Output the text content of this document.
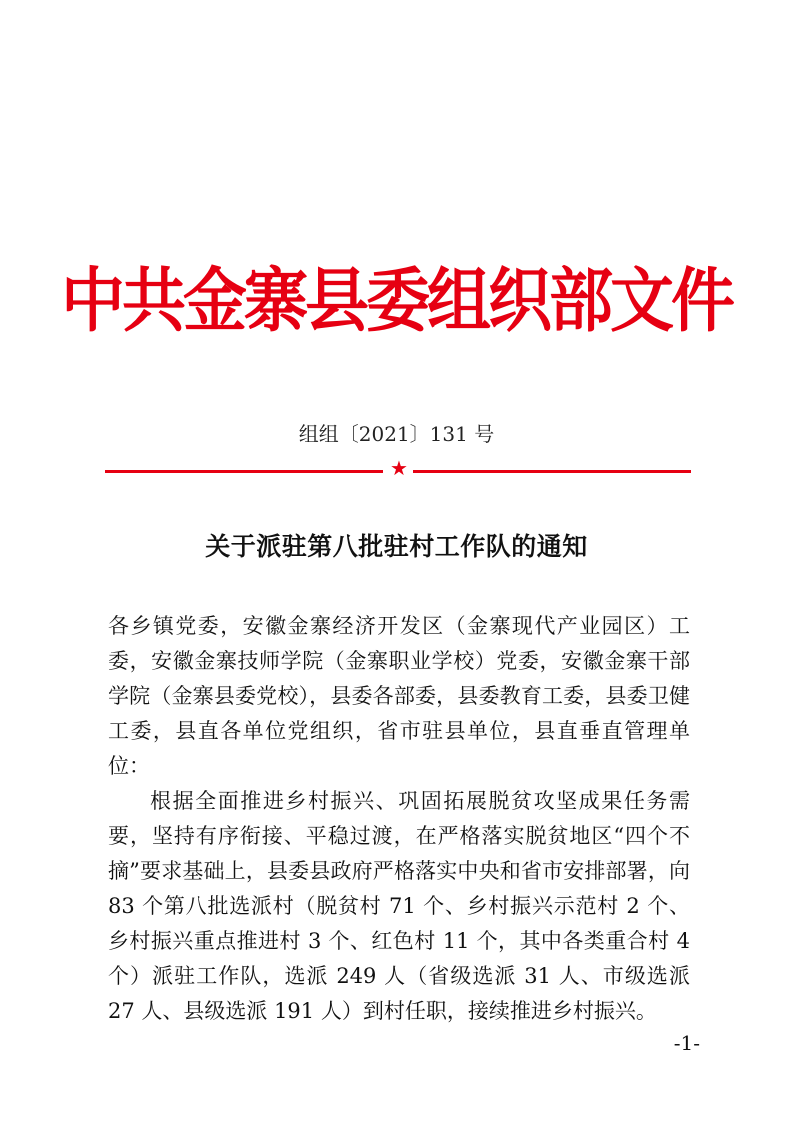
中共金寨县委组织部文件
组组〔2021〕131 号
★
关于派驻第八批驻村工作队的通知

各乡镇党委，安徽金寨经济开发区（金寨现代产业园区）工委，安徽金寨技师学院（金寨职业学校）党委，安徽金寨干部学院（金寨县委党校），县委各部委，县委教育工委，县委卫健工委，县直各单位党组织，省市驻县单位，县直垂直管理单位：

根据全面推进乡村振兴、巩固拓展脱贫攻坚成果任务需要，坚持有序衔接、平稳过渡，在严格落实脱贫地区“四个不摘”要求基础上，县委县政府严格落实中央和省市安排部署，向 83 个第八批选派村（脱贫村 71 个、乡村振兴示范村 2 个、乡村振兴重点推进村 3 个、红色村 11 个，其中各类重合村 4 个）派驻工作队，选派 249 人（省级选派 31 人、市级选派 27 人、县级选派 191 人）到村任职，接续推进乡村振兴。

-1-
